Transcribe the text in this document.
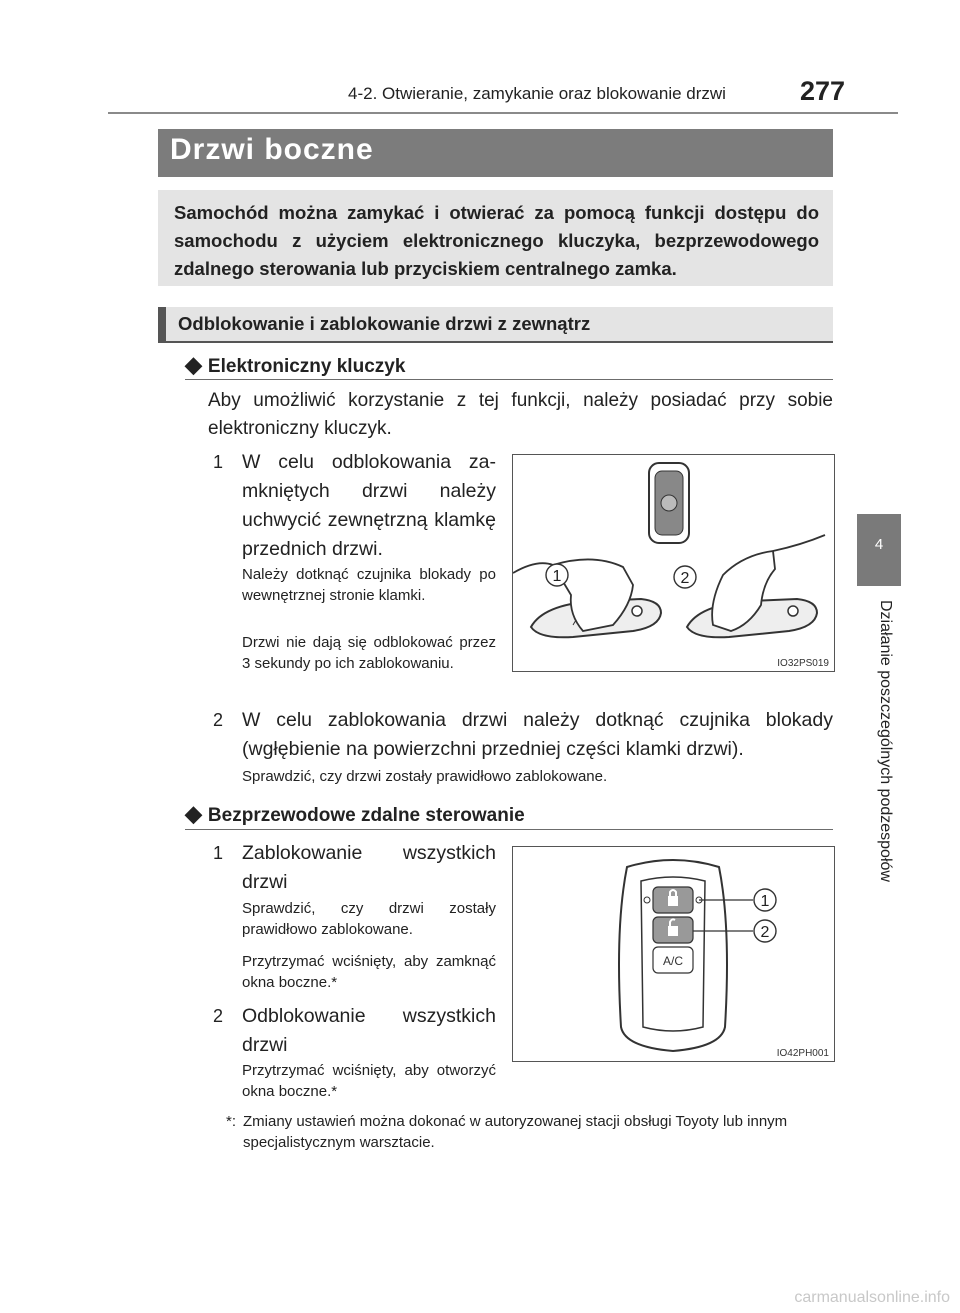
4-2. Otwieranie, zamykanie oraz blokowanie drzwi	277
4
Działanie poszczególnych podzespołów
Drzwi boczne
Samochód można zamykać i otwierać za pomocą funkcji dostępu do samochodu z użyciem elektronicznego kluczyka, bezprzewodowego zdalnego sterowania lub przyciskiem centralnego zamka.
Odblokowanie i zablokowanie drzwi z zewnątrz
◆ Elektroniczny kluczyk
Aby umożliwić korzystanie z tej funkcji, należy posiadać przy sobie elektroniczny kluczyk.
1 W celu odblokowania zamkniętych drzwi należy uchwycić zewnętrzną klamkę przednich drzwi.
Należy dotknąć czujnika blokady po wewnętrznej stronie klamki.
Drzwi nie dają się odblokować przez 3 sekundy po ich zablokowaniu.
1	2
IO32PS019
2 W celu zablokowania drzwi należy dotknąć czujnika blokady (wgłębienie na powierzchni przedniej części klamki drzwi).
Sprawdzić, czy drzwi zostały prawidłowo zablokowane.
◆ Bezprzewodowe zdalne sterowanie
1 Zablokowanie wszystkich drzwi
Sprawdzić, czy drzwi zostały prawidłowo zablokowane.
Przytrzymać wciśnięty, aby zamknąć okna boczne.*
2 Odblokowanie wszystkich drzwi
Przytrzymać wciśnięty, aby otworzyć okna boczne.*
A/C
1
2
IO42PH001
*: Zmiany ustawień można dokonać w autoryzowanej stacji obsługi Toyoty lub innym specjalistycznym warsztacie.
carmanualsonline.info
